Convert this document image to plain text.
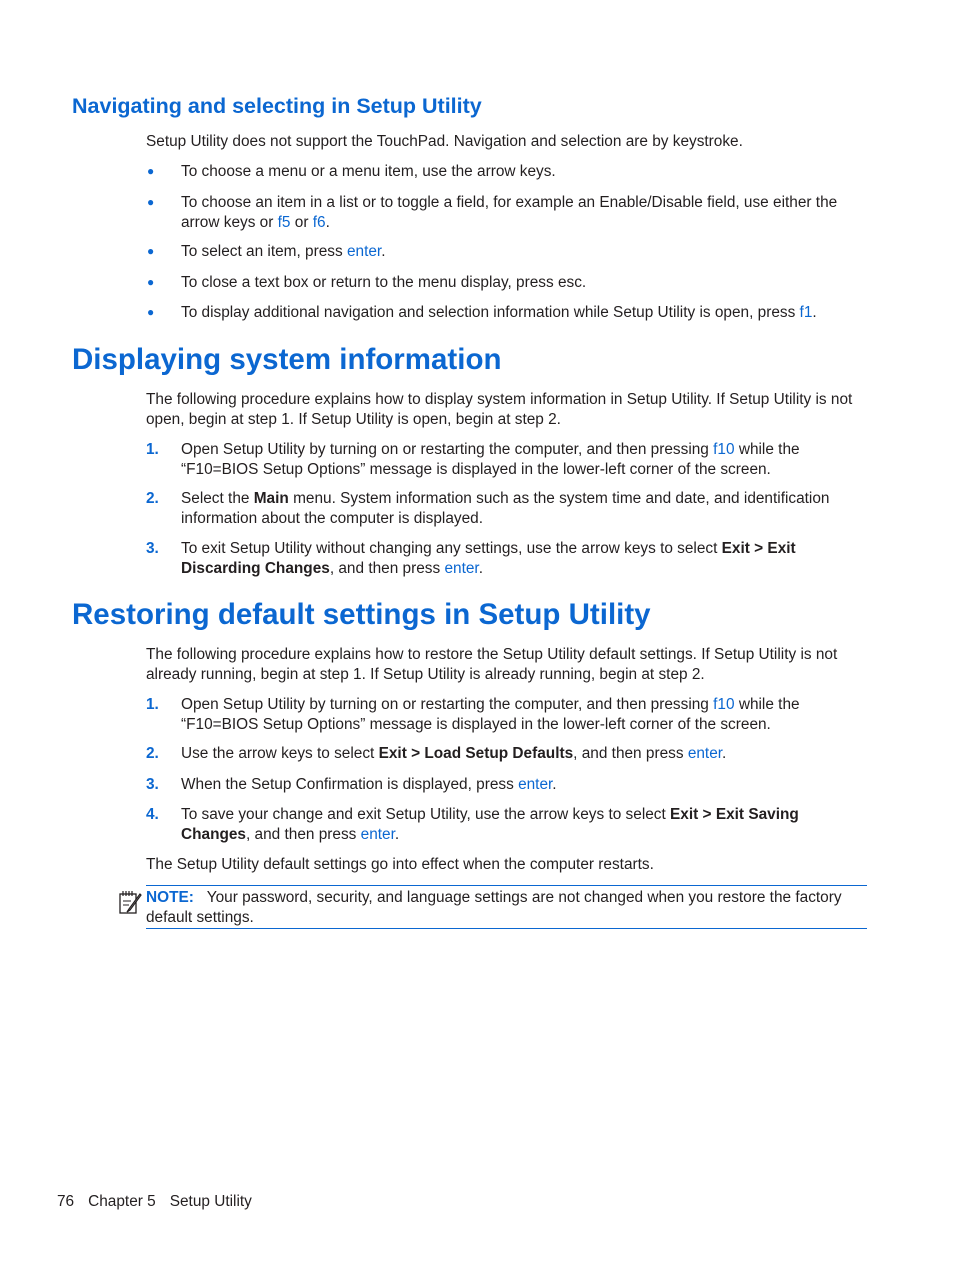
Navigating and selecting in Setup Utility
Setup Utility does not support the TouchPad. Navigation and selection are by keystroke.
●	To choose a menu or a menu item, use the arrow keys.
●	To choose an item in a list or to toggle a field, for example an Enable/Disable field, use either the arrow keys or f5 or f6.
●	To select an item, press enter.
●	To close a text box or return to the menu display, press esc.
●	To display additional navigation and selection information while Setup Utility is open, press f1.
Displaying system information
The following procedure explains how to display system information in Setup Utility. If Setup Utility is not open, begin at step 1. If Setup Utility is open, begin at step 2.
1.	Open Setup Utility by turning on or restarting the computer, and then pressing f10 while the “F10=BIOS Setup Options” message is displayed in the lower-left corner of the screen.
2.	Select the Main menu. System information such as the system time and date, and identification information about the computer is displayed.
3.	To exit Setup Utility without changing any settings, use the arrow keys to select Exit > Exit Discarding Changes, and then press enter.
Restoring default settings in Setup Utility
The following procedure explains how to restore the Setup Utility default settings. If Setup Utility is not already running, begin at step 1. If Setup Utility is already running, begin at step 2.
1.	Open Setup Utility by turning on or restarting the computer, and then pressing f10 while the “F10=BIOS Setup Options” message is displayed in the lower-left corner of the screen.
2.	Use the arrow keys to select Exit > Load Setup Defaults, and then press enter.
3.	When the Setup Confirmation is displayed, press enter.
4.	To save your change and exit Setup Utility, use the arrow keys to select Exit > Exit Saving Changes, and then press enter.
The Setup Utility default settings go into effect when the computer restarts.
NOTE: Your password, security, and language settings are not changed when you restore the factory default settings.
76 Chapter 5 Setup Utility
